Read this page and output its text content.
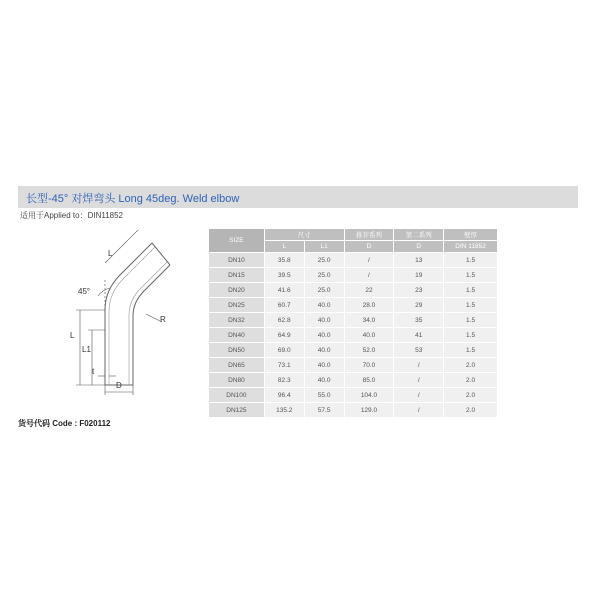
长型-45° 对焊弯头 Long 45deg. Weld elbow
适用于Applied to：DIN11852
L
45°
L
L1
R
t
D
货号代码 Code : F020112
SIZE	尺寸		推荐系列	第二系列	壁厚
	L	L1	D	D	DIN 11852
DN10	35.8	25.0	/	13	1.5
DN15	39.5	25.0	/	19	1.5
DN20	41.6	25.0	22	23	1.5
DN25	60.7	40.0	28.0	29	1.5
DN32	62.8	40.0	34.0	35	1.5
DN40	64.9	40.0	40.0	41	1.5
DN50	69.0	40.0	52.0	53	1.5
DN65	73.1	40.0	70.0	/	2.0
DN80	82.3	40.0	85.0	/	2.0
DN100	96.4	55.0	104.0	/	2.0
DN125	135.2	57.5	129.0	/	2.0
